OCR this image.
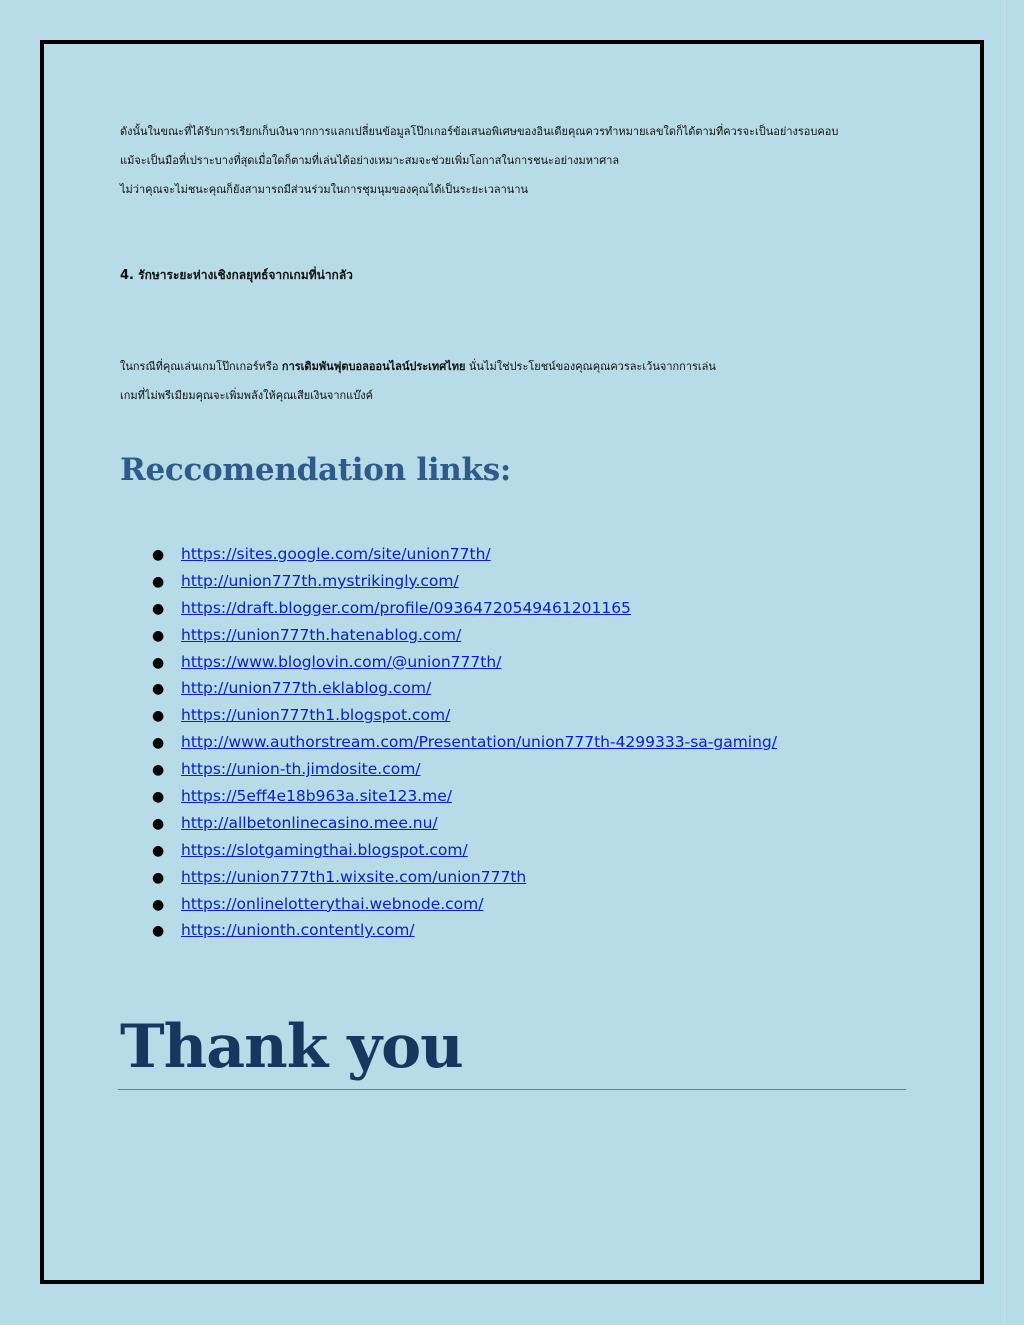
ดังนั้นในขณะที่ได้รับการเรียกเก็บเงินจากการแลกเปลี่ยนข้อมูลโป๊กเกอร์ข้อเสนอพิเศษของอินเดียคุณควรทำหมายเลขใดก็ได้ตามที่ควรจะเป็นอย่างรอบคอบ
แม้จะเป็นมือที่เปราะบางที่สุดเมื่อใดก็ตามที่เล่นได้อย่างเหมาะสมจะช่วยเพิ่มโอกาสในการชนะอย่างมหาศาล
ไม่ว่าคุณจะไม่ชนะคุณก็ยังสามารถมีส่วนร่วมในการชุมนุมของคุณได้เป็นระยะเวลานาน
4. รักษาระยะห่างเชิงกลยุทธ์จากเกมที่น่ากลัว
ในกรณีที่คุณเล่นเกมโป๊กเกอร์หรือ การเดิมพันฟุตบอลออนไลน์ประเทศไทย นั่นไม่ใช่ประโยชน์ของคุณคุณควรละเว้นจากการเล่น
เกมที่ไม่พรีเมียมคุณจะเพิ่มพลังให้คุณเสียเงินจากแบ๊งค์
Reccomendation links:
● https://sites.google.com/site/union77th/
● http://union777th.mystrikingly.com/
● https://draft.blogger.com/profile/09364720549461201165
● https://union777th.hatenablog.com/
● https://www.bloglovin.com/@union777th/
● http://union777th.eklablog.com/
● https://union777th1.blogspot.com/
● http://www.authorstream.com/Presentation/union777th-4299333-sa-gaming/
● https://union-th.jimdosite.com/
● https://5eff4e18b963a.site123.me/
● http://allbetonlinecasino.mee.nu/
● https://slotgamingthai.blogspot.com/
● https://union777th1.wixsite.com/union777th
● https://onlinelotterythai.webnode.com/
● https://unionth.contently.com/
Thank you
